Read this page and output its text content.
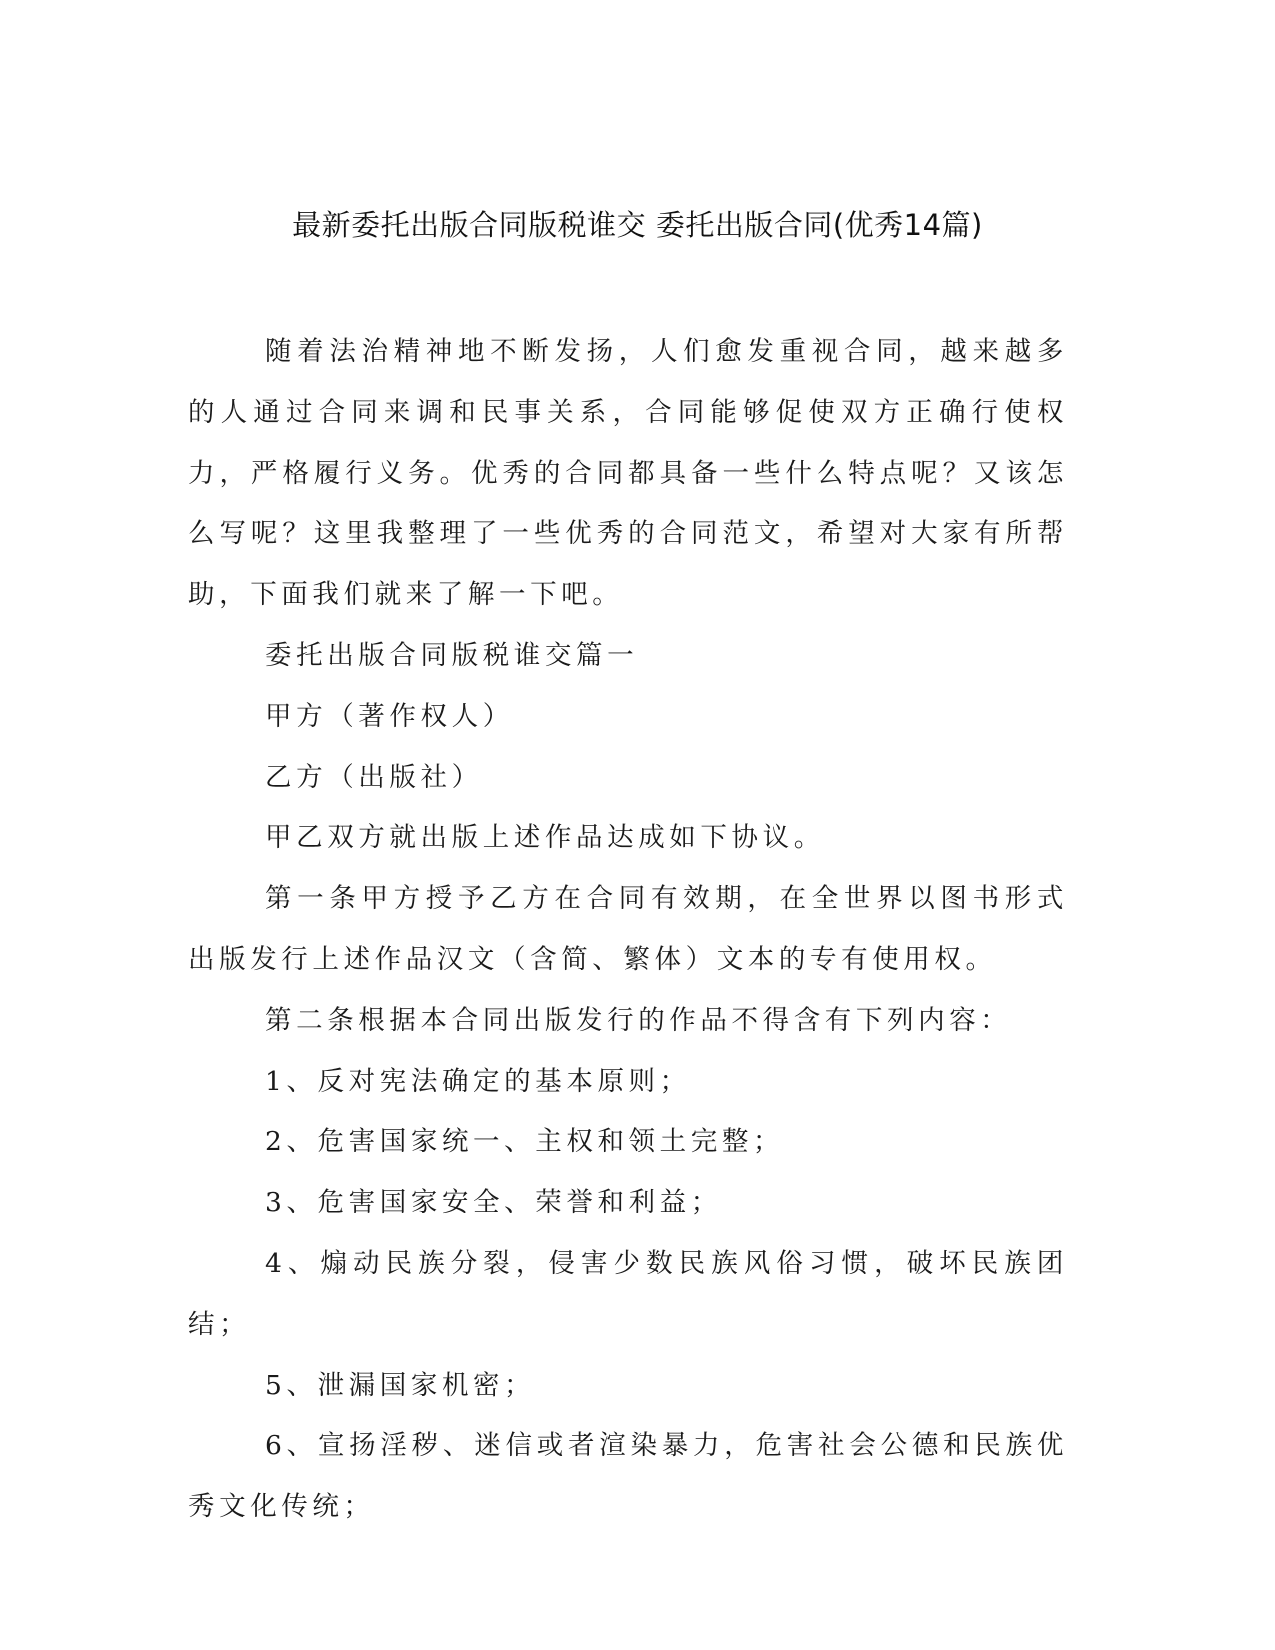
最新委托出版合同版税谁交 委托出版合同(优秀14篇)

随着法治精神地不断发扬，人们愈发重视合同，越来越多的人通过合同来调和民事关系，合同能够促使双方正确行使权力，严格履行义务。优秀的合同都具备一些什么特点呢？又该怎么写呢？这里我整理了一些优秀的合同范文，希望对大家有所帮助，下面我们就来了解一下吧。

委托出版合同版税谁交篇一

甲方（著作权人）

乙方（出版社）

甲乙双方就出版上述作品达成如下协议。

第一条甲方授予乙方在合同有效期，在全世界以图书形式出版发行上述作品汉文（含简、繁体）文本的专有使用权。

第二条根据本合同出版发行的作品不得含有下列内容：

1、反对宪法确定的基本原则；

2、危害国家统一、主权和领土完整；

3、危害国家安全、荣誉和利益；

4、煽动民族分裂，侵害少数民族风俗习惯，破坏民族团结；

5、泄漏国家机密；

6、宣扬淫秽、迷信或者渲染暴力，危害社会公德和民族优秀文化传统；
